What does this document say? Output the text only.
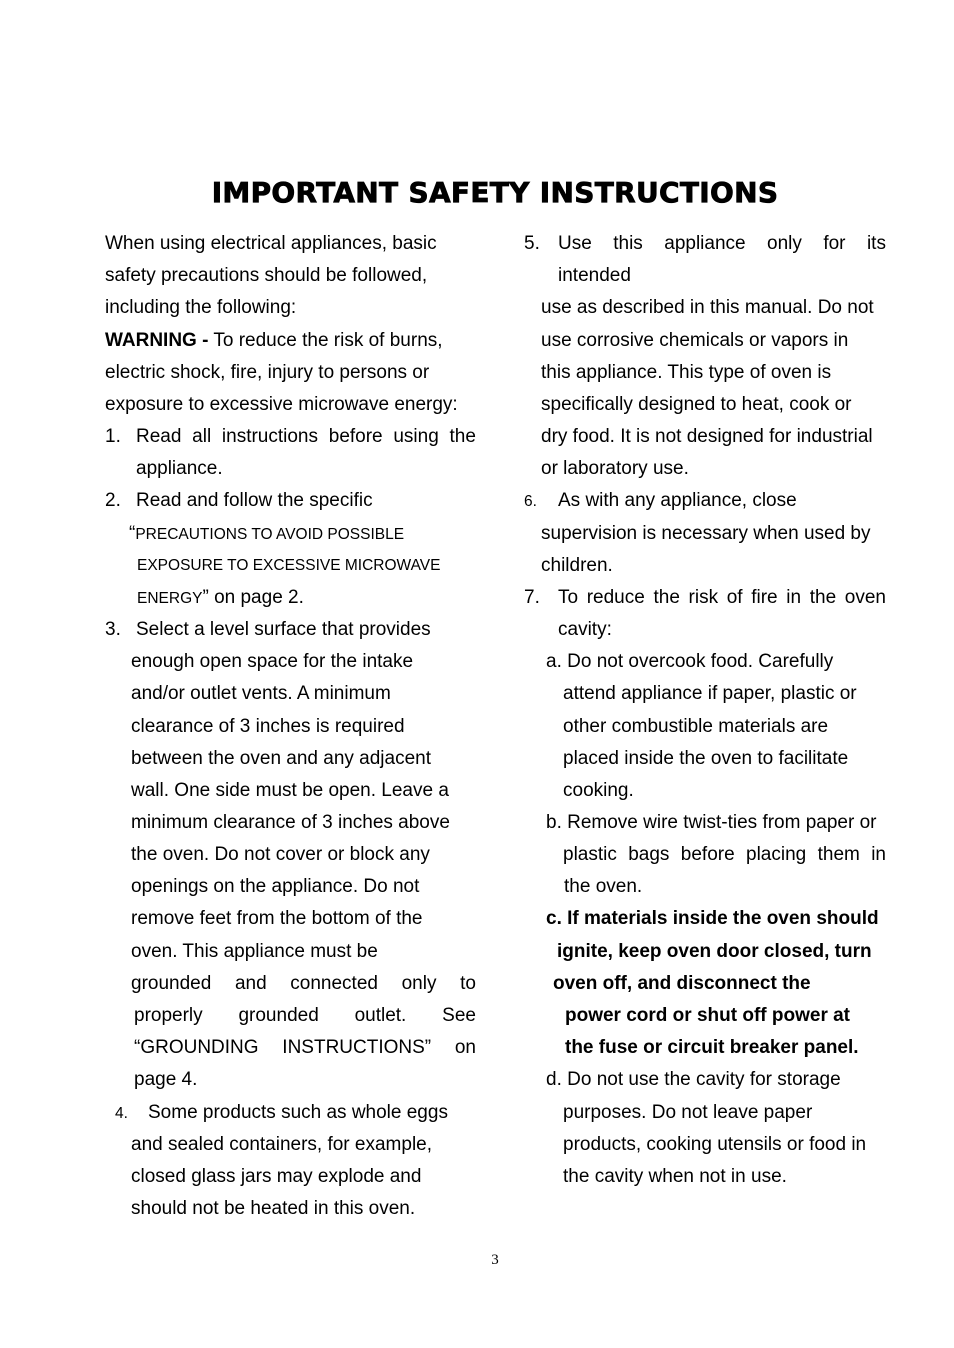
IMPORTANT SAFETY INSTRUCTIONS
When using electrical appliances, basic
safety precautions should be followed,
including the following:
WARNING - To reduce the risk of burns,
electric shock, fire, injury to persons or
exposure to excessive microwave energy:
1. Read all instructions before using the
appliance.
2. Read and follow the specific
“PRECAUTIONS TO AVOID POSSIBLE
EXPOSURE TO EXCESSIVE MICROWAVE
ENERGY” on page 2.
3. Select a level surface that provides
enough open space for the intake
and/or outlet vents. A minimum
clearance of 3 inches is required
between the oven and any adjacent
wall. One side must be open. Leave a
minimum clearance of 3 inches above
the oven. Do not cover or block any
openings on the appliance. Do not
remove feet from the bottom of the
oven. This appliance must be
grounded and connected only to
properly grounded outlet. See
“GROUNDING INSTRUCTIONS” on
page 4.
4. Some products such as whole eggs
and sealed containers, for example,
closed glass jars may explode and
should not be heated in this oven.
5. Use this appliance only for its
intended
use as described in this manual. Do not
use corrosive chemicals or vapors in
this appliance. This type of oven is
specifically designed to heat, cook or
dry food. It is not designed for industrial
or laboratory use.
6. As with any appliance, close
supervision is necessary when used by
children.
7. To reduce the risk of fire in the oven
cavity:
a. Do not overcook food. Carefully
attend appliance if paper, plastic or
other combustible materials are
placed inside the oven to facilitate
cooking.
b. Remove wire twist-ties from paper or
plastic bags before placing them in
the oven.
c. If materials inside the oven should
ignite, keep oven door closed, turn
oven off, and disconnect the
power cord or shut off power at
the fuse or circuit breaker panel.
d. Do not use the cavity for storage
purposes. Do not leave paper
products, cooking utensils or food in
the cavity when not in use.
3
